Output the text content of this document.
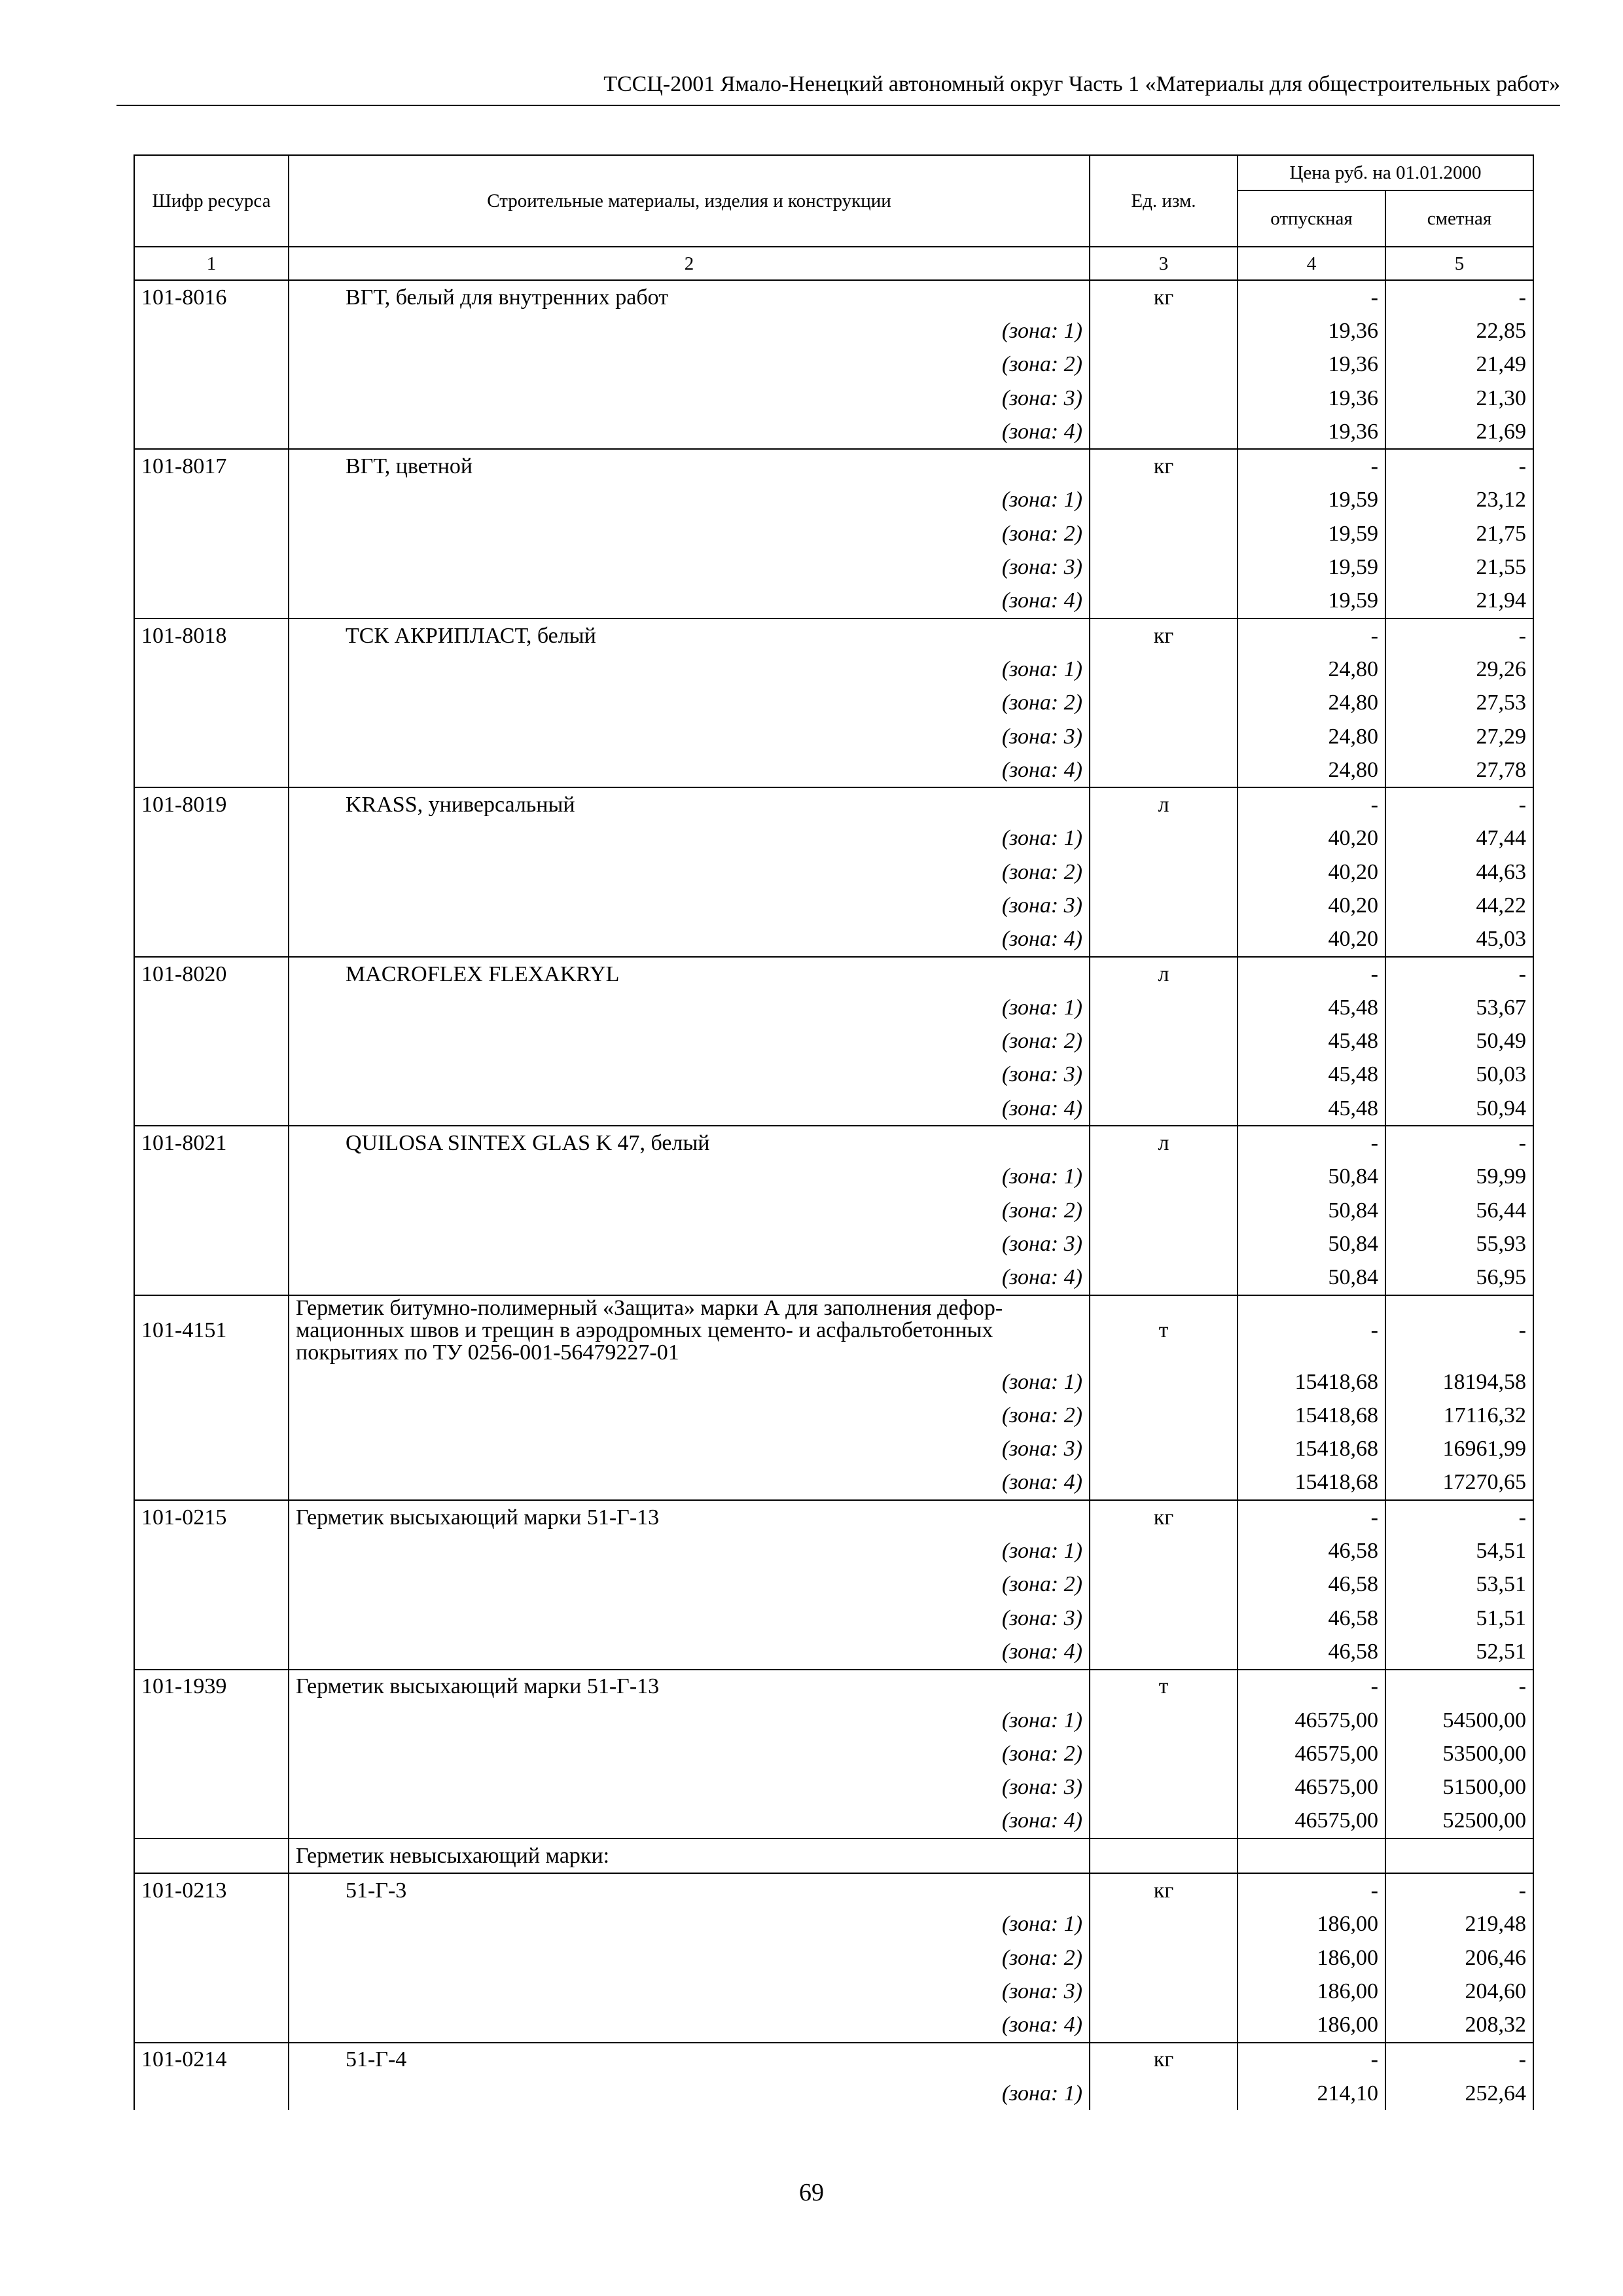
ТССЦ-2001 Ямало-Ненецкий автономный округ Часть 1 «Материалы для общестроительных работ»
Шифр ресурса	Строительные материалы, изделия и конструкции	Ед. изм.	Цена руб. на 01.01.2000	
			отпускная	сметная
1	2	3	4	5
101-8016	ВГТ, белый для внутренних работ	кг	-	-
	(зона: 1)		19,36	22,85
	(зона: 2)		19,36	21,49
	(зона: 3)		19,36	21,30
	(зона: 4)		19,36	21,69
101-8017	ВГТ, цветной	кг	-	-
	(зона: 1)		19,59	23,12
	(зона: 2)		19,59	21,75
	(зона: 3)		19,59	21,55
	(зона: 4)		19,59	21,94
101-8018	ТСК АКРИПЛАСТ, белый	кг	-	-
	(зона: 1)		24,80	29,26
	(зона: 2)		24,80	27,53
	(зона: 3)		24,80	27,29
	(зона: 4)		24,80	27,78
101-8019	KRASS, универсальный	л	-	-
	(зона: 1)		40,20	47,44
	(зона: 2)		40,20	44,63
	(зона: 3)		40,20	44,22
	(зона: 4)		40,20	45,03
101-8020	MACROFLEX FLEXAKRYL	л	-	-
	(зона: 1)		45,48	53,67
	(зона: 2)		45,48	50,49
	(зона: 3)		45,48	50,03
	(зона: 4)		45,48	50,94
101-8021	QUILOSA SINTEX GLAS K 47, белый	л	-	-
	(зона: 1)		50,84	59,99
	(зона: 2)		50,84	56,44
	(зона: 3)		50,84	55,93
	(зона: 4)		50,84	56,95
101-4151	Герметик битумно-полимерный «Защита» марки А для заполнения дефор-мационных швов и трещин в аэродромных цементо- и асфальтобетонных покрытиях по ТУ 0256-001-56479227-01	т	-	-
	(зона: 1)		15418,68	18194,58
	(зона: 2)		15418,68	17116,32
	(зона: 3)		15418,68	16961,99
	(зона: 4)		15418,68	17270,65
101-0215	Герметик высыхающий марки 51-Г-13	кг	-	-
	(зона: 1)		46,58	54,51
	(зона: 2)		46,58	53,51
	(зона: 3)		46,58	51,51
	(зона: 4)		46,58	52,51
101-1939	Герметик высыхающий марки 51-Г-13	т	-	-
	(зона: 1)		46575,00	54500,00
	(зона: 2)		46575,00	53500,00
	(зона: 3)		46575,00	51500,00
	(зона: 4)		46575,00	52500,00
	Герметик невысыхающий марки:			
101-0213	51-Г-3	кг	-	-
	(зона: 1)		186,00	219,48
	(зона: 2)		186,00	206,46
	(зона: 3)		186,00	204,60
	(зона: 4)		186,00	208,32
101-0214	51-Г-4	кг	-	-
	(зона: 1)		214,10	252,64
69
